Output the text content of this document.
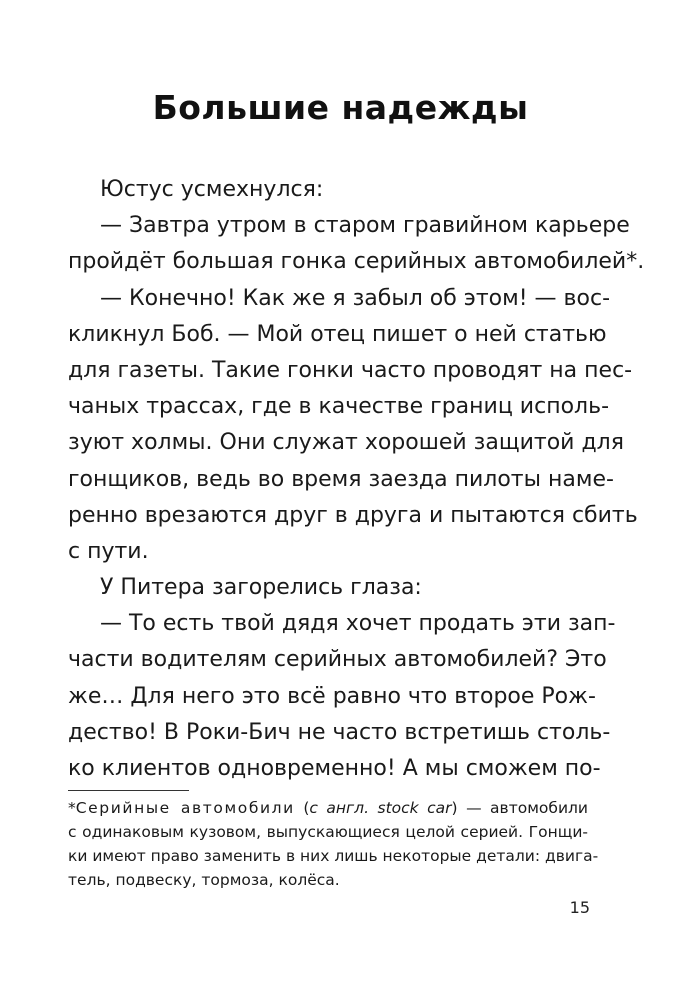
Большие надежды
Юстус усмехнулся:
— Завтра утром в старом гравийном карьере
пройдёт большая гонка серийных автомобилей*.
— Конечно! Как же я забыл об этом! — вос-
кликнул Боб. — Мой отец пишет о ней статью
для газеты. Такие гонки часто проводят на пес-
чаных трассах, где в качестве границ исполь-
зуют холмы. Они служат хорошей защитой для
гонщиков, ведь во время заезда пилоты наме-
ренно врезаются друг в друга и пытаются сбить
с пути.
У Питера загорелись глаза:
— То есть твой дядя хочет продать эти зап-
части водителям серийных автомобилей? Это
же… Для него это всё равно что второе Рож-
дество! В Роки-Бич не часто встретишь столь-
ко клиентов одновременно! А мы сможем по-
*Серийные автомобили (с англ. stock car) — автомобили
с одинаковым кузовом, выпускающиеся целой серией. Гонщи-
ки имеют право заменить в них лишь некоторые детали: двига-
тель, подвеску, тормоза, колёса.
15
